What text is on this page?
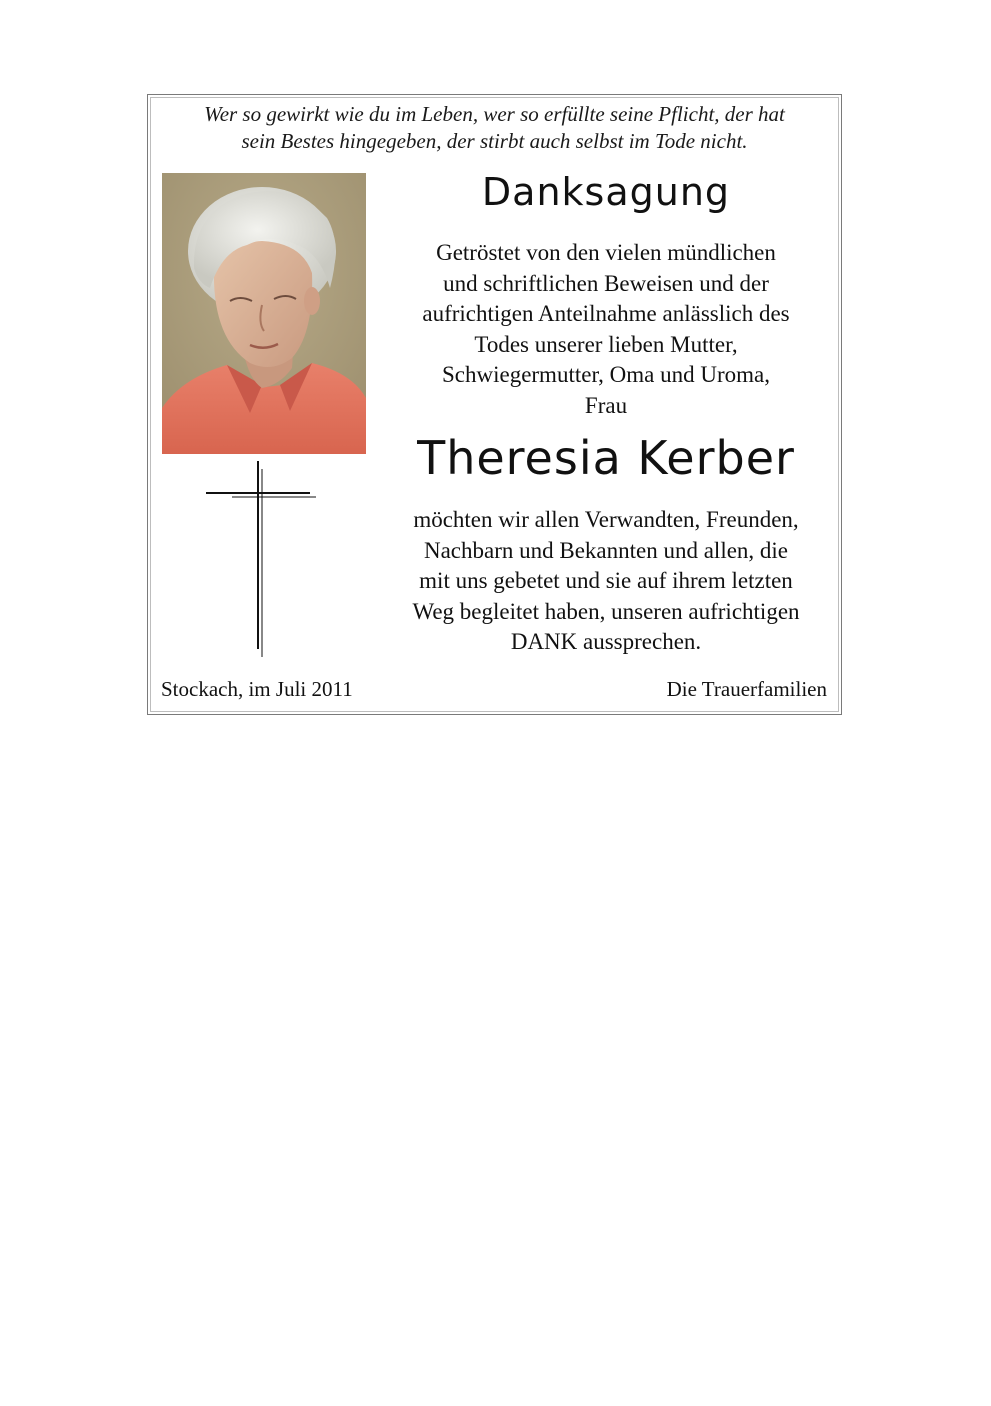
Wer so gewirkt wie du im Leben, wer so erfüllte seine Pflicht, der hat
sein Bestes hingegeben, der stirbt auch selbst im Tode nicht.
Danksagung
Getröstet von den vielen mündlichen
und schriftlichen Beweisen und der
aufrichtigen Anteilnahme anlässlich des
Todes unserer lieben Mutter,
Schwiegermutter, Oma und Uroma,
Frau
Theresia Kerber
möchten wir allen Verwandten, Freunden,
Nachbarn und Bekannten und allen, die
mit uns gebetet und sie auf ihrem letzten
Weg begleitet haben, unseren aufrichtigen
DANK aussprechen.
Stockach, im Juli 2011	Die Trauerfamilien
